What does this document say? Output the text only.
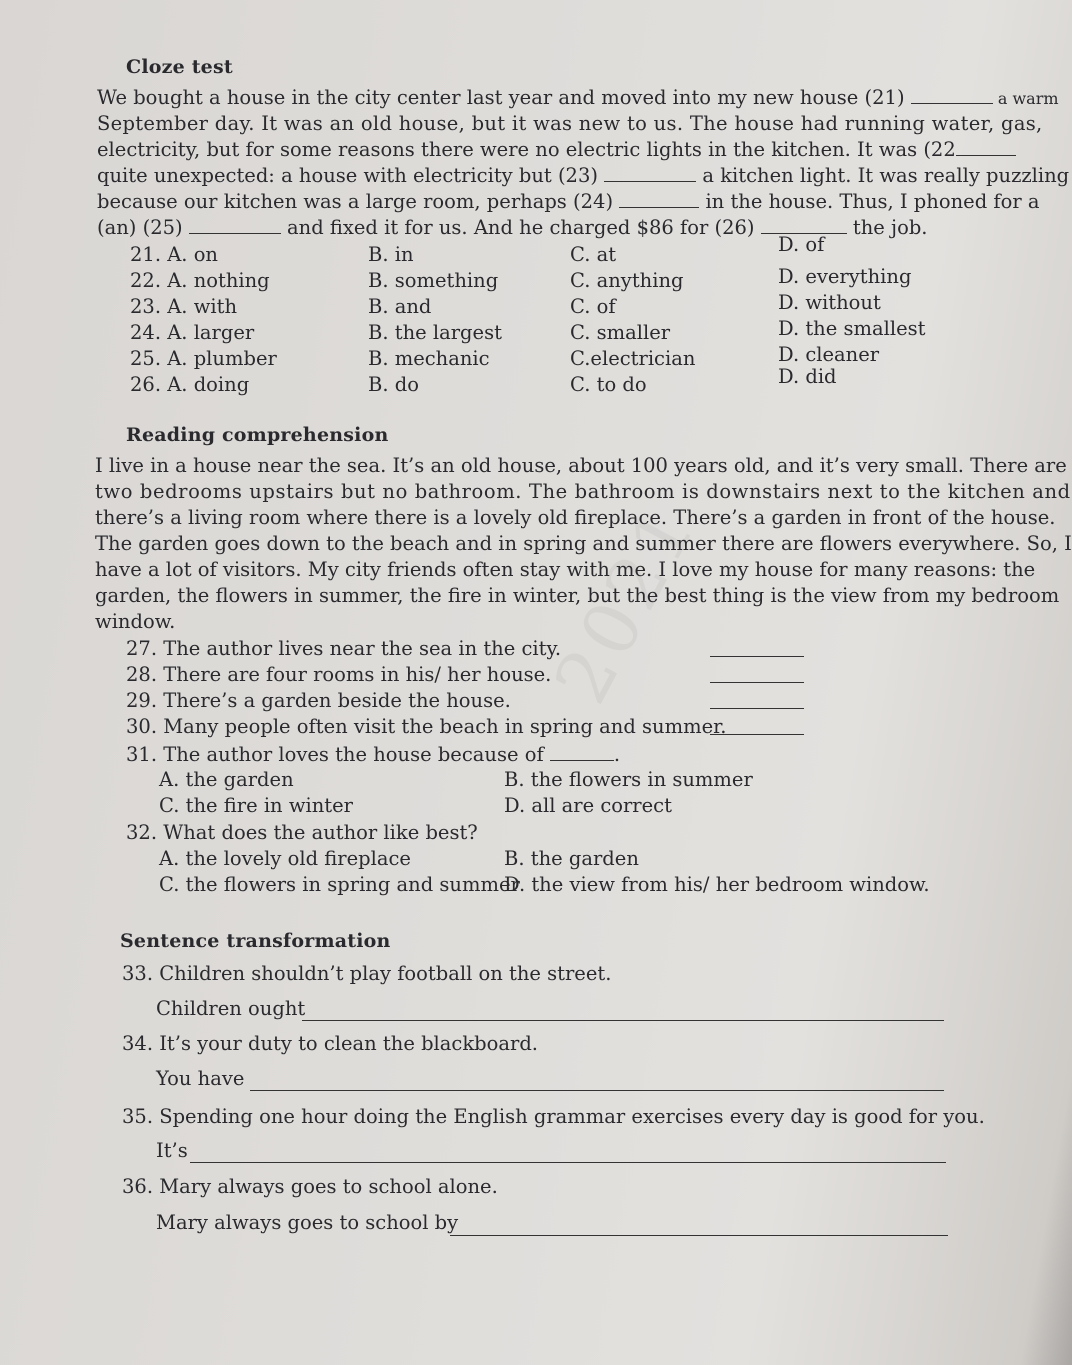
2021
Cloze test
We bought a house in the city center last year and moved into my new house (21)	a warm
September day. It was an old house, but it was new to us. The house had running water, gas,
electricity, but for some reasons there were no electric lights in the kitchen. It was (22
quite unexpected: a house with electricity but (23)	a kitchen light. It was really puzzling
because our kitchen was a large room, perhaps (24)	in the house. Thus, I phoned for a
(an) (25)	and fixed it for us. And he charged $86 for (26)	the job.
21. A. on	B. in	C. at	D. of
22. A. nothing	B. something	C. anything	D. everything
23. A. with	B. and	C. of	D. without
24. A. larger	B. the largest	C. smaller	D. the smallest
25. A. plumber	B. mechanic	C.electrician	D. cleaner
26. A. doing	B. do	C. to do	D. did
Reading comprehension
I live in a house near the sea. It’s an old house, about 100 years old, and it’s very small. There are
two bedrooms upstairs but no bathroom. The bathroom is downstairs next to the kitchen and
there’s a living room where there is a lovely old fireplace. There’s a garden in front of the house.
The garden goes down to the beach and in spring and summer there are flowers everywhere. So, I
have a lot of visitors. My city friends often stay with me. I love my house for many reasons: the
garden, the flowers in summer, the fire in winter, but the best thing is the view from my bedroom
window.
27. The author lives near the sea in the city.
28. There are four rooms in his/ her house.
29. There’s a garden beside the house.
30. Many people often visit the beach in spring and summer.
31. The author loves the house because of	.
A. the garden	B. the flowers in summer
C. the fire in winter	D. all are correct
32. What does the author like best?
A. the lovely old fireplace	B. the garden
C. the flowers in spring and summer
D. the view from his/ her bedroom window.
Sentence transformation
33. Children shouldn’t play football on the street.
Children ought
34. It’s your duty to clean the blackboard.
You have
35. Spending one hour doing the English grammar exercises every day is good for you.
It’s
36. Mary always goes to school alone.
Mary always goes to school by
